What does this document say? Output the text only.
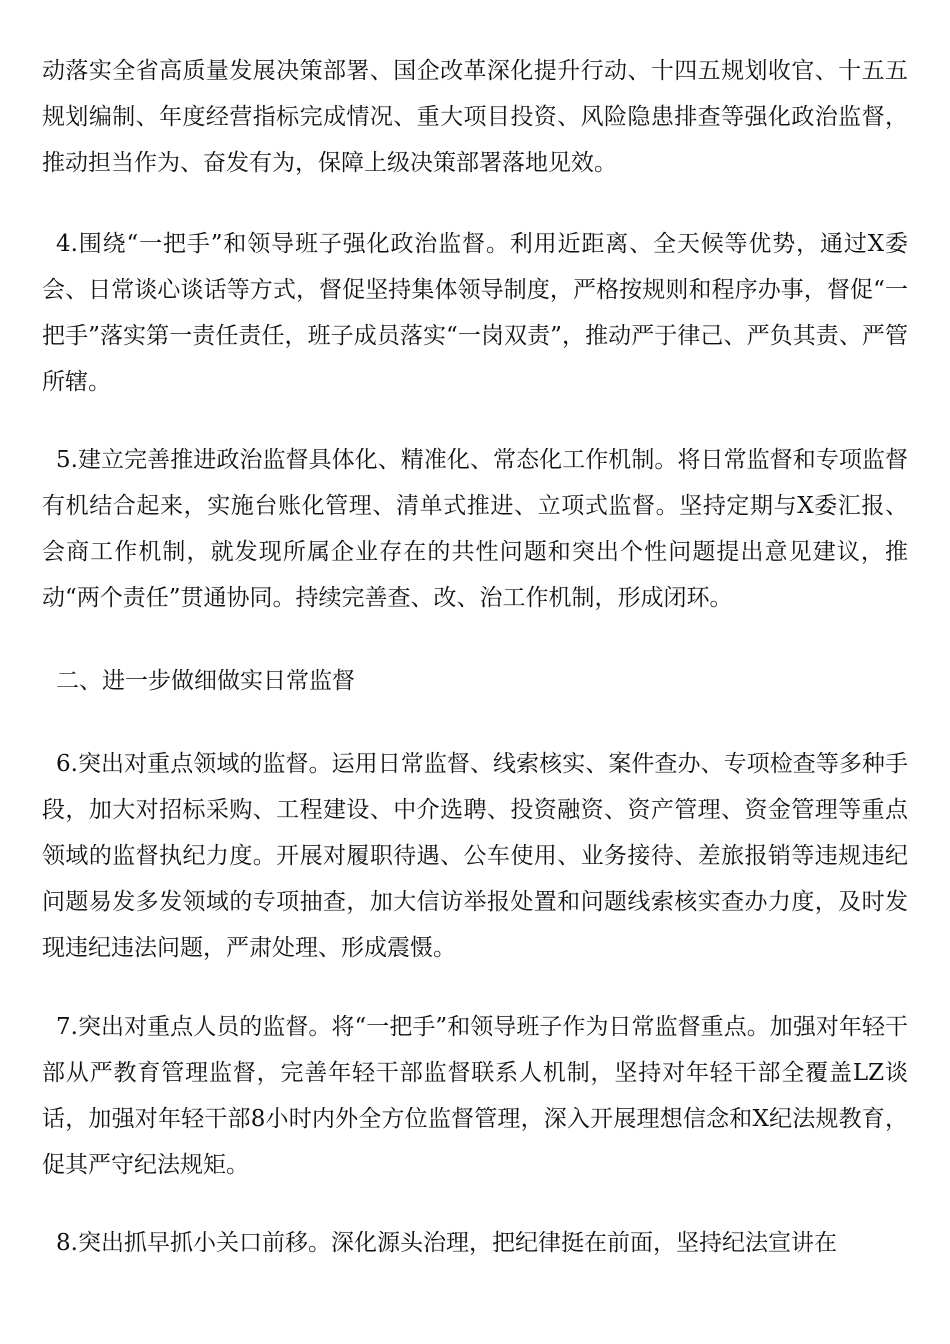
动落实全省高质量发展决策部署、国企改革深化提升行动、十四五规划收官、十五五规划编制、年度经营指标完成情况、重大项目投资、风险隐患排查等强化政治监督，推动担当作为、奋发有为，保障上级决策部署落地见效。

4.围绕“一把手”和领导班子强化政治监督。利用近距离、全天候等优势，通过X委会、日常谈心谈话等方式，督促坚持集体领导制度，严格按规则和程序办事，督促“一把手”落实第一责任责任，班子成员落实“一岗双责”，推动严于律己、严负其责、严管所辖。

5.建立完善推进政治监督具体化、精准化、常态化工作机制。将日常监督和专项监督有机结合起来，实施台账化管理、清单式推进、立项式监督。坚持定期与X委汇报、会商工作机制，就发现所属企业存在的共性问题和突出个性问题提出意见建议，推动“两个责任”贯通协同。持续完善查、改、治工作机制，形成闭环。

二、进一步做细做实日常监督

6.突出对重点领域的监督。运用日常监督、线索核实、案件查办、专项检查等多种手段，加大对招标采购、工程建设、中介选聘、投资融资、资产管理、资金管理等重点领域的监督执纪力度。开展对履职待遇、公车使用、业务接待、差旅报销等违规违纪问题易发多发领域的专项抽查，加大信访举报处置和问题线索核实查办力度，及时发现违纪违法问题，严肃处理、形成震慑。

7.突出对重点人员的监督。将“一把手”和领导班子作为日常监督重点。加强对年轻干部从严教育管理监督，完善年轻干部监督联系人机制，坚持对年轻干部全覆盖LZ谈话，加强对年轻干部8小时内外全方位监督管理，深入开展理想信念和X纪法规教育，促其严守纪法规矩。

8.突出抓早抓小关口前移。深化源头治理，把纪律挺在前面，坚持纪法宣讲在
